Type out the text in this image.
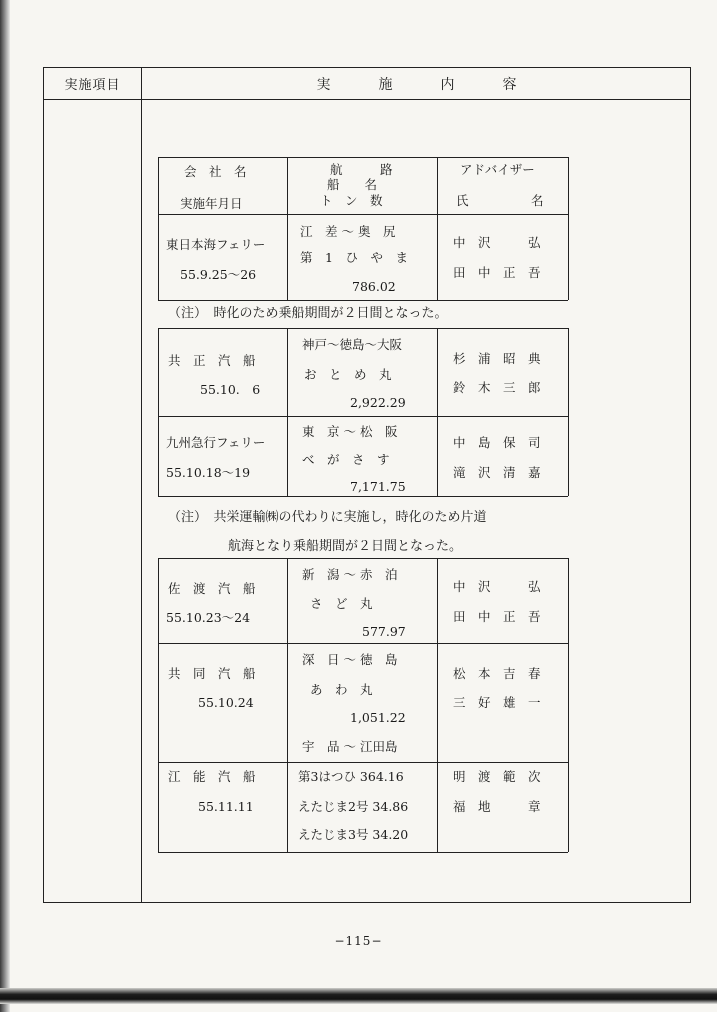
実施項目	実施内容
会　社　名
実施年月日
航　　　路
船　　名
ト　ン　数
アドバイザー
氏　　　　　名
東日本海フェリー
55.9.25〜26
江　差 〜 奥　尻
第　1　ひ　や　ま
786.02
中　沢　　　弘
田　中　正　吾
（注）　時化のため乗船期間が２日間となった。
共　正　汽　船
55.10.　6
神戸〜徳島〜大阪
お　と　め　丸
2,922.29
杉　浦　昭　典
鈴　木　三　郎
九州急行フェリー
55.10.18〜19
東　京 〜 松　阪
べ　が　さ　す
7,171.75
中　島　保　司
滝　沢　清　嘉
（注）　共栄運輸㈱の代わりに実施し，時化のため片道
航海となり乗船期間が２日間となった。
佐　渡　汽　船
55.10.23〜24
新　潟 〜 赤　泊
さ　ど　丸
577.97
中　沢　　　弘
田　中　正　吾
共　同　汽　船
55.10.24
深　日 〜 徳　島
あ　わ　丸
1,051.22
宇　品 〜 江田島
松　本　吉　春
三　好　雄　一
江　能　汽　船
55.11.11
第3はつひ 364.16
えたじま2号 34.86
えたじま3号 34.20
明　渡　範　次
福　地　　　章
−115−
